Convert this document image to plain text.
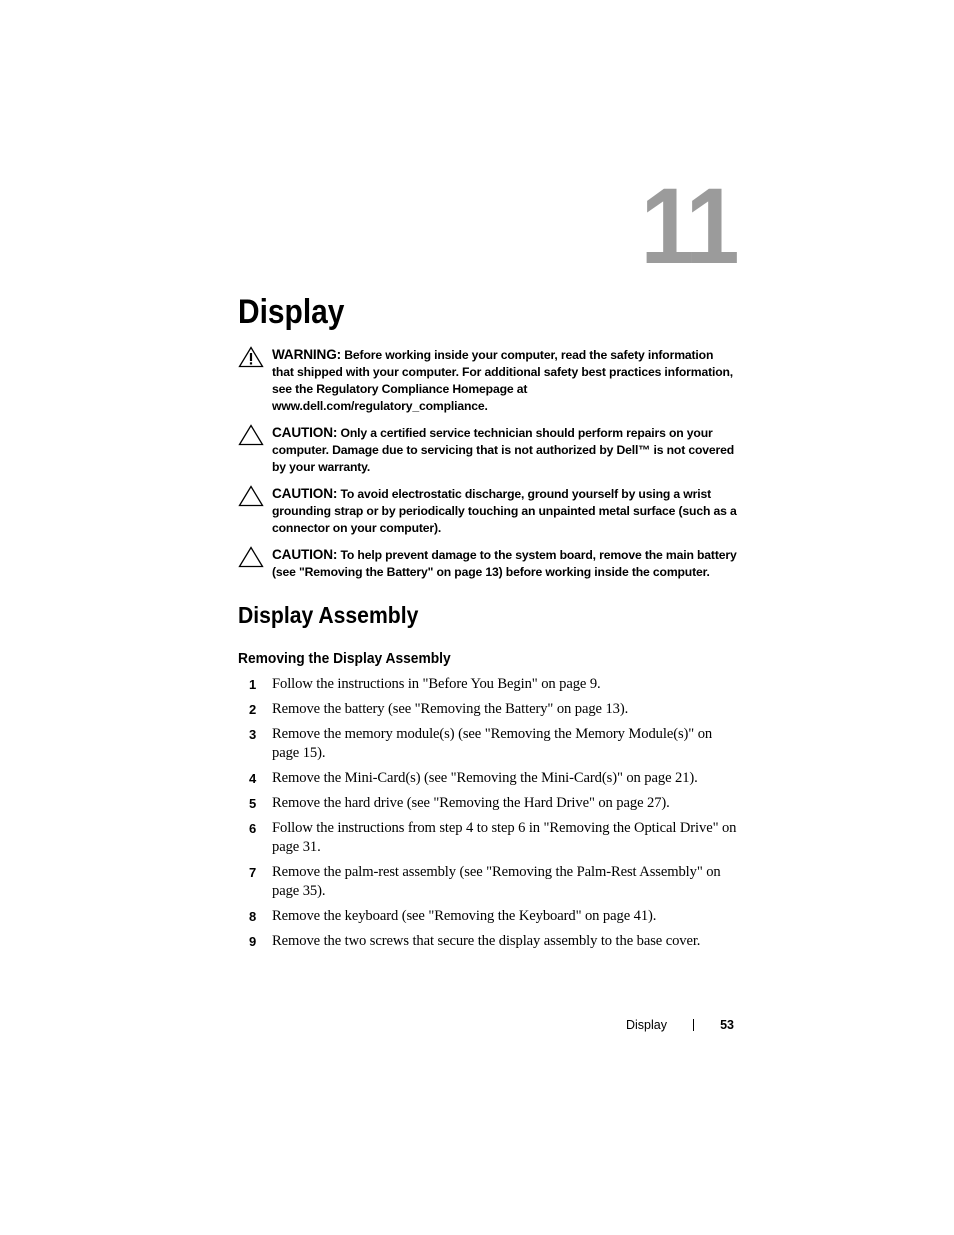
11
Display
WARNING: Before working inside your computer, read the safety information that shipped with your computer. For additional safety best practices information, see the Regulatory Compliance Homepage at www.dell.com/regulatory_compliance.
CAUTION: Only a certified service technician should perform repairs on your computer. Damage due to servicing that is not authorized by Dell™ is not covered by your warranty.
CAUTION: To avoid electrostatic discharge, ground yourself by using a wrist grounding strap or by periodically touching an unpainted metal surface (such as a connector on your computer).
CAUTION: To help prevent damage to the system board, remove the main battery (see "Removing the Battery" on page 13) before working inside the computer.
Display Assembly
Removing the Display Assembly
1 Follow the instructions in "Before You Begin" on page 9.
2 Remove the battery (see "Removing the Battery" on page 13).
3 Remove the memory module(s) (see "Removing the Memory Module(s)" on page 15).
4 Remove the Mini-Card(s) (see "Removing the Mini-Card(s)" on page 21).
5 Remove the hard drive (see "Removing the Hard Drive" on page 27).
6 Follow the instructions from step 4 to step 6 in "Removing the Optical Drive" on page 31.
7 Remove the palm-rest assembly (see "Removing the Palm-Rest Assembly" on page 35).
8 Remove the keyboard (see "Removing the Keyboard" on page 41).
9 Remove the two screws that secure the display assembly to the base cover.
Display	53
